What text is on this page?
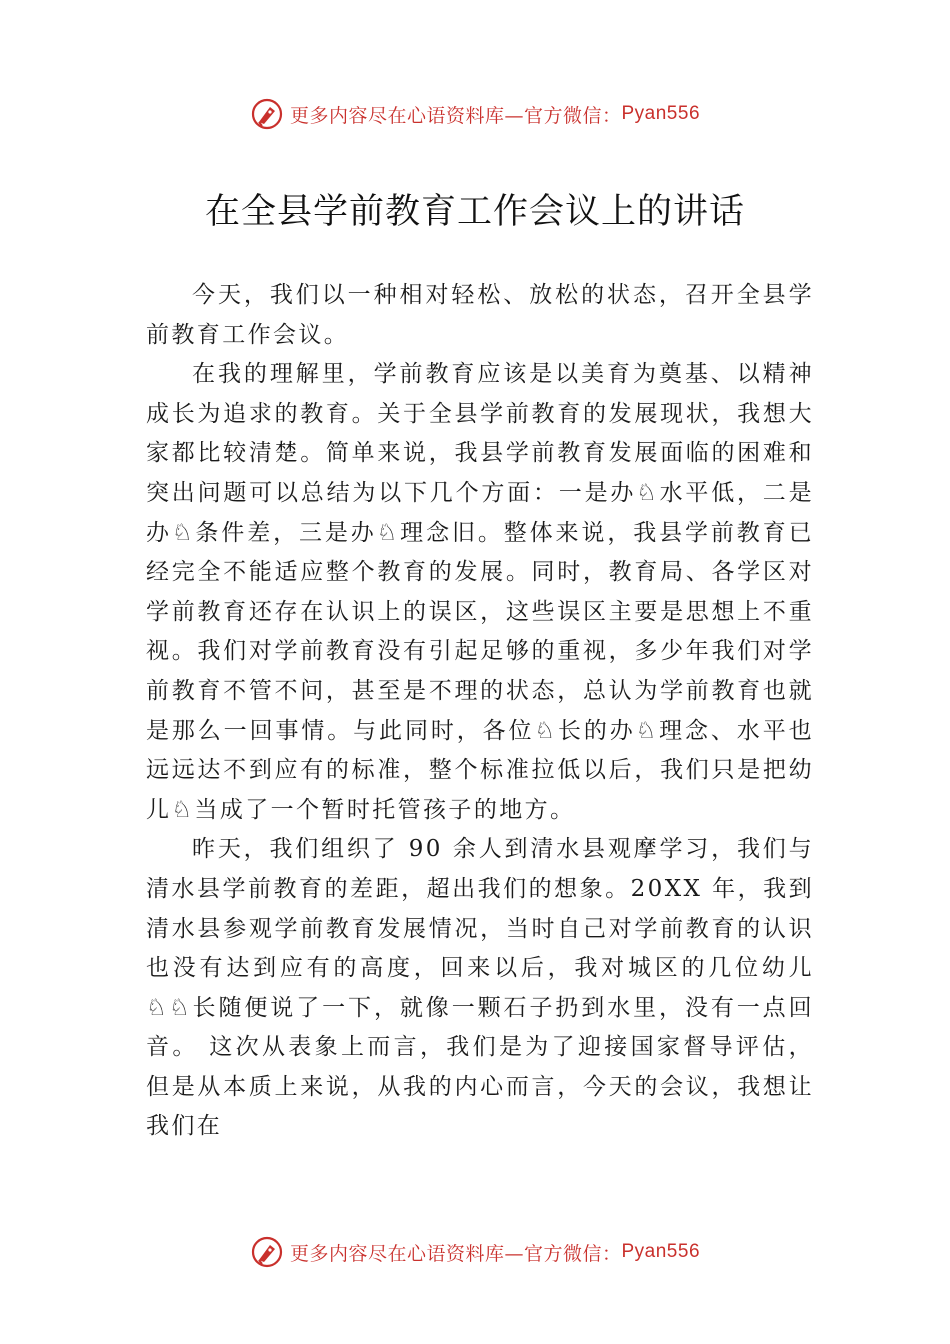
更多内容尽在心语资料库—官方微信： Pyan556
在全县学前教育工作会议上的讲话

今天，我们以一种相对轻松、放松的状态，召开全县学前教育工作会议。

在我的理解里，学前教育应该是以美育为奠基、以精神成长为追求的教育。关于全县学前教育的发展现状，我想大家都比较清楚。简单来说，我县学前教育发展面临的困难和突出问题可以总结为以下几个方面：一是办♘水平低，二是办♘条件差，三是办♘理念旧。整体来说，我县学前教育已经完全不能适应整个教育的发展。同时，教育局、各学区对学前教育还存在认识上的误区，这些误区主要是思想上不重视。我们对学前教育没有引起足够的重视，多少年我们对学前教育不管不问，甚至是不理的状态，总认为学前教育也就是那么一回事情。与此同时，各位♘长的办♘理念、水平也远远达不到应有的标准，整个标准拉低以后，我们只是把幼儿♘当成了一个暂时托管孩子的地方。

昨天，我们组织了 90 余人到清水县观摩学习，我们与清水县学前教育的差距，超出我们的想象。20XX 年，我到清水县参观学前教育发展情况，当时自己对学前教育的认识也没有达到应有的高度，回来以后，我对城区的几位幼儿♘♘长随便说了一下，就像一颗石子扔到水里，没有一点回音。 这次从表象上而言，我们是为了迎接国家督导评估，但是从本质上来说，从我的内心而言，今天的会议，我想让我们在

更多内容尽在心语资料库—官方微信： Pyan556
